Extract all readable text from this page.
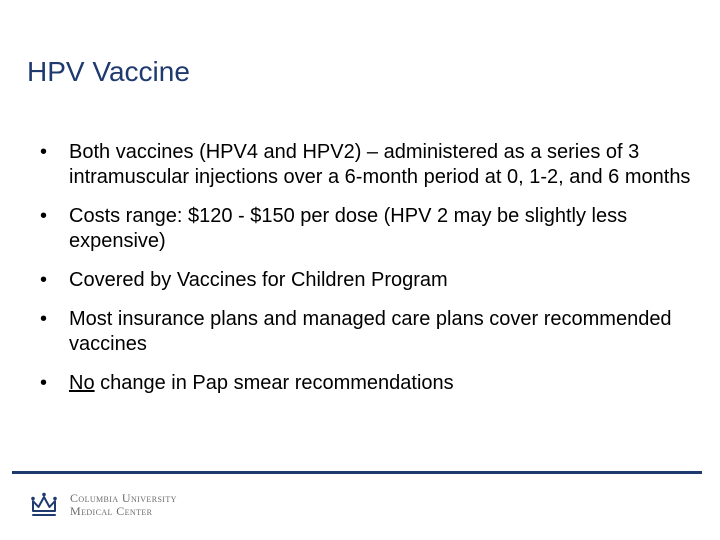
HPV Vaccine
• Both vaccines (HPV4 and HPV2) – administered as a series of 3 intramuscular injections over a 6-month period at 0, 1-2, and 6 months
• Costs range: $120 - $150 per dose (HPV 2 may be slightly less expensive)
• Covered by Vaccines for Children Program
• Most insurance plans and managed care plans cover recommended vaccines
• No change in Pap smear recommendations
Columbia University
Medical Center
